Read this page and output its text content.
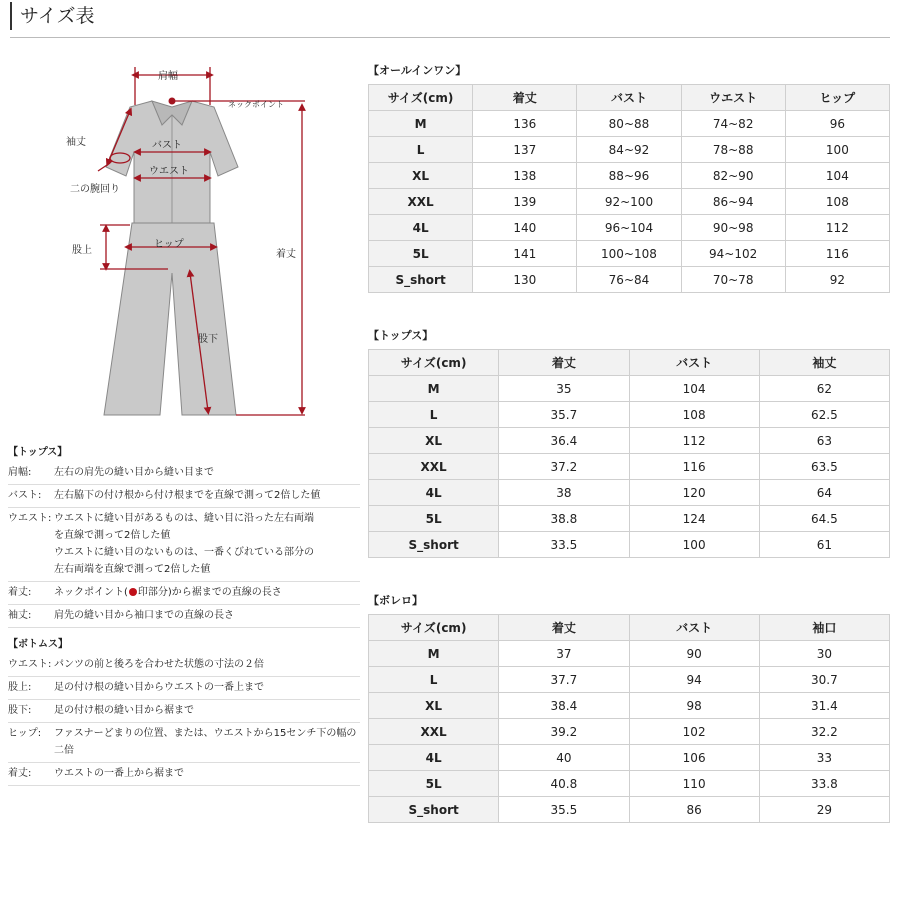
サイズ表
肩幅
ネックポイント
袖丈	バスト
ウエスト
二の腕回り
股上
ヒップ
着丈
股下
【トップス】
肩幅:	左右の肩先の縫い目から縫い目まで
バスト:	左右脇下の付け根から付け根までを直線で測って2倍した値
ウエスト: ウエストに縫い目があるものは、縫い目に沿った左右両端
を直線で測って2倍した値
ウエストに縫い目のないものは、一番くびれている部分の
左右両端を直線で測って2倍した値
着丈:	ネックポイント( 印部分)から裾までの直線の長さ
袖丈:	肩先の縫い目から袖口までの直線の長さ
【ボトムス】
ウエスト: パンツの前と後ろを合わせた状態の寸法の２倍
股上:	足の付け根の縫い目からウエストの一番上まで
股下:	足の付け根の縫い目から裾まで
ヒップ:	ファスナーどまりの位置、または、ウエストから15センチ下の幅の
二倍
着丈:	ウエストの一番上から裾まで
【オールインワン】
サイズ(cm)	着丈	バスト	ウエスト	ヒップ
M	136	80~88	74~82	96
L	137	84~92	78~88	100
XL	138	88~96	82~90	104
XXL	139	92~100	86~94	108
4L	140	96~104	90~98	112
5L	141	100~108	94~102	116
S_short	130	76~84	70~78	92
【トップス】
サイズ(cm)	着丈	バスト	袖丈
M	35	104	62
L	35.7	108	62.5
XL	36.4	112	63
XXL	37.2	116	63.5
4L	38	120	64
5L	38.8	124	64.5
S_short	33.5	100	61
【ボレロ】
サイズ(cm)	着丈	バスト	袖口
M	37	90	30
L	37.7	94	30.7
XL	38.4	98	31.4
XXL	39.2	102	32.2
4L	40	106	33
5L	40.8	110	33.8
S_short	35.5	86	29
